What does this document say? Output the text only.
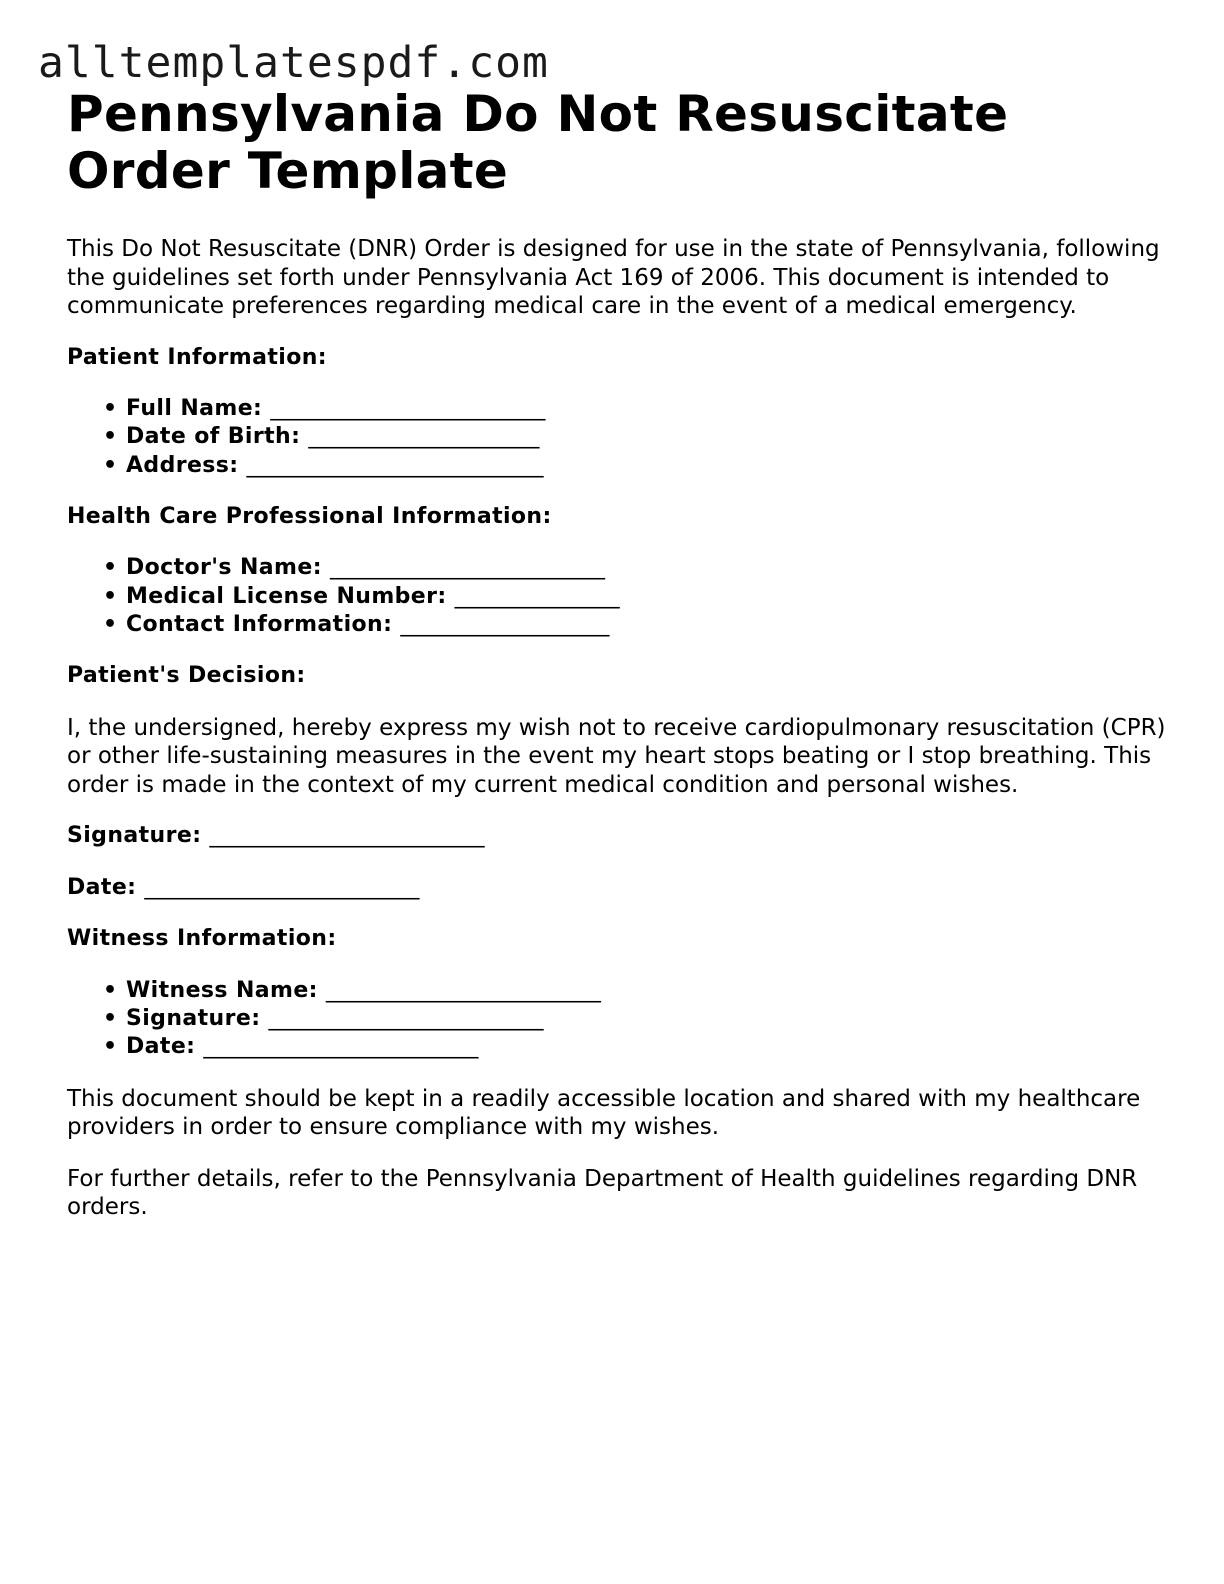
alltemplatespdf.com
Pennsylvania Do Not Resuscitate Order Template

This Do Not Resuscitate (DNR) Order is designed for use in the state of Pennsylvania, following the guidelines set forth under Pennsylvania Act 169 of 2006. This document is intended to communicate preferences regarding medical care in the event of a medical emergency.

Patient Information:

• Full Name: _________________________
• Date of Birth: _____________________
• Address: ___________________________

Health Care Professional Information:

• Doctor's Name: _________________________
• Medical License Number: _______________
• Contact Information: ___________________

Patient's Decision:

I, the undersigned, hereby express my wish not to receive cardiopulmonary resuscitation (CPR) or other life-sustaining measures in the event my heart stops beating or I stop breathing. This order is made in the context of my current medical condition and personal wishes.

Signature: _________________________

Date: _________________________

Witness Information:

• Witness Name: _________________________
• Signature: _________________________
• Date: _________________________

This document should be kept in a readily accessible location and shared with my healthcare providers in order to ensure compliance with my wishes.

For further details, refer to the Pennsylvania Department of Health guidelines regarding DNR orders.
